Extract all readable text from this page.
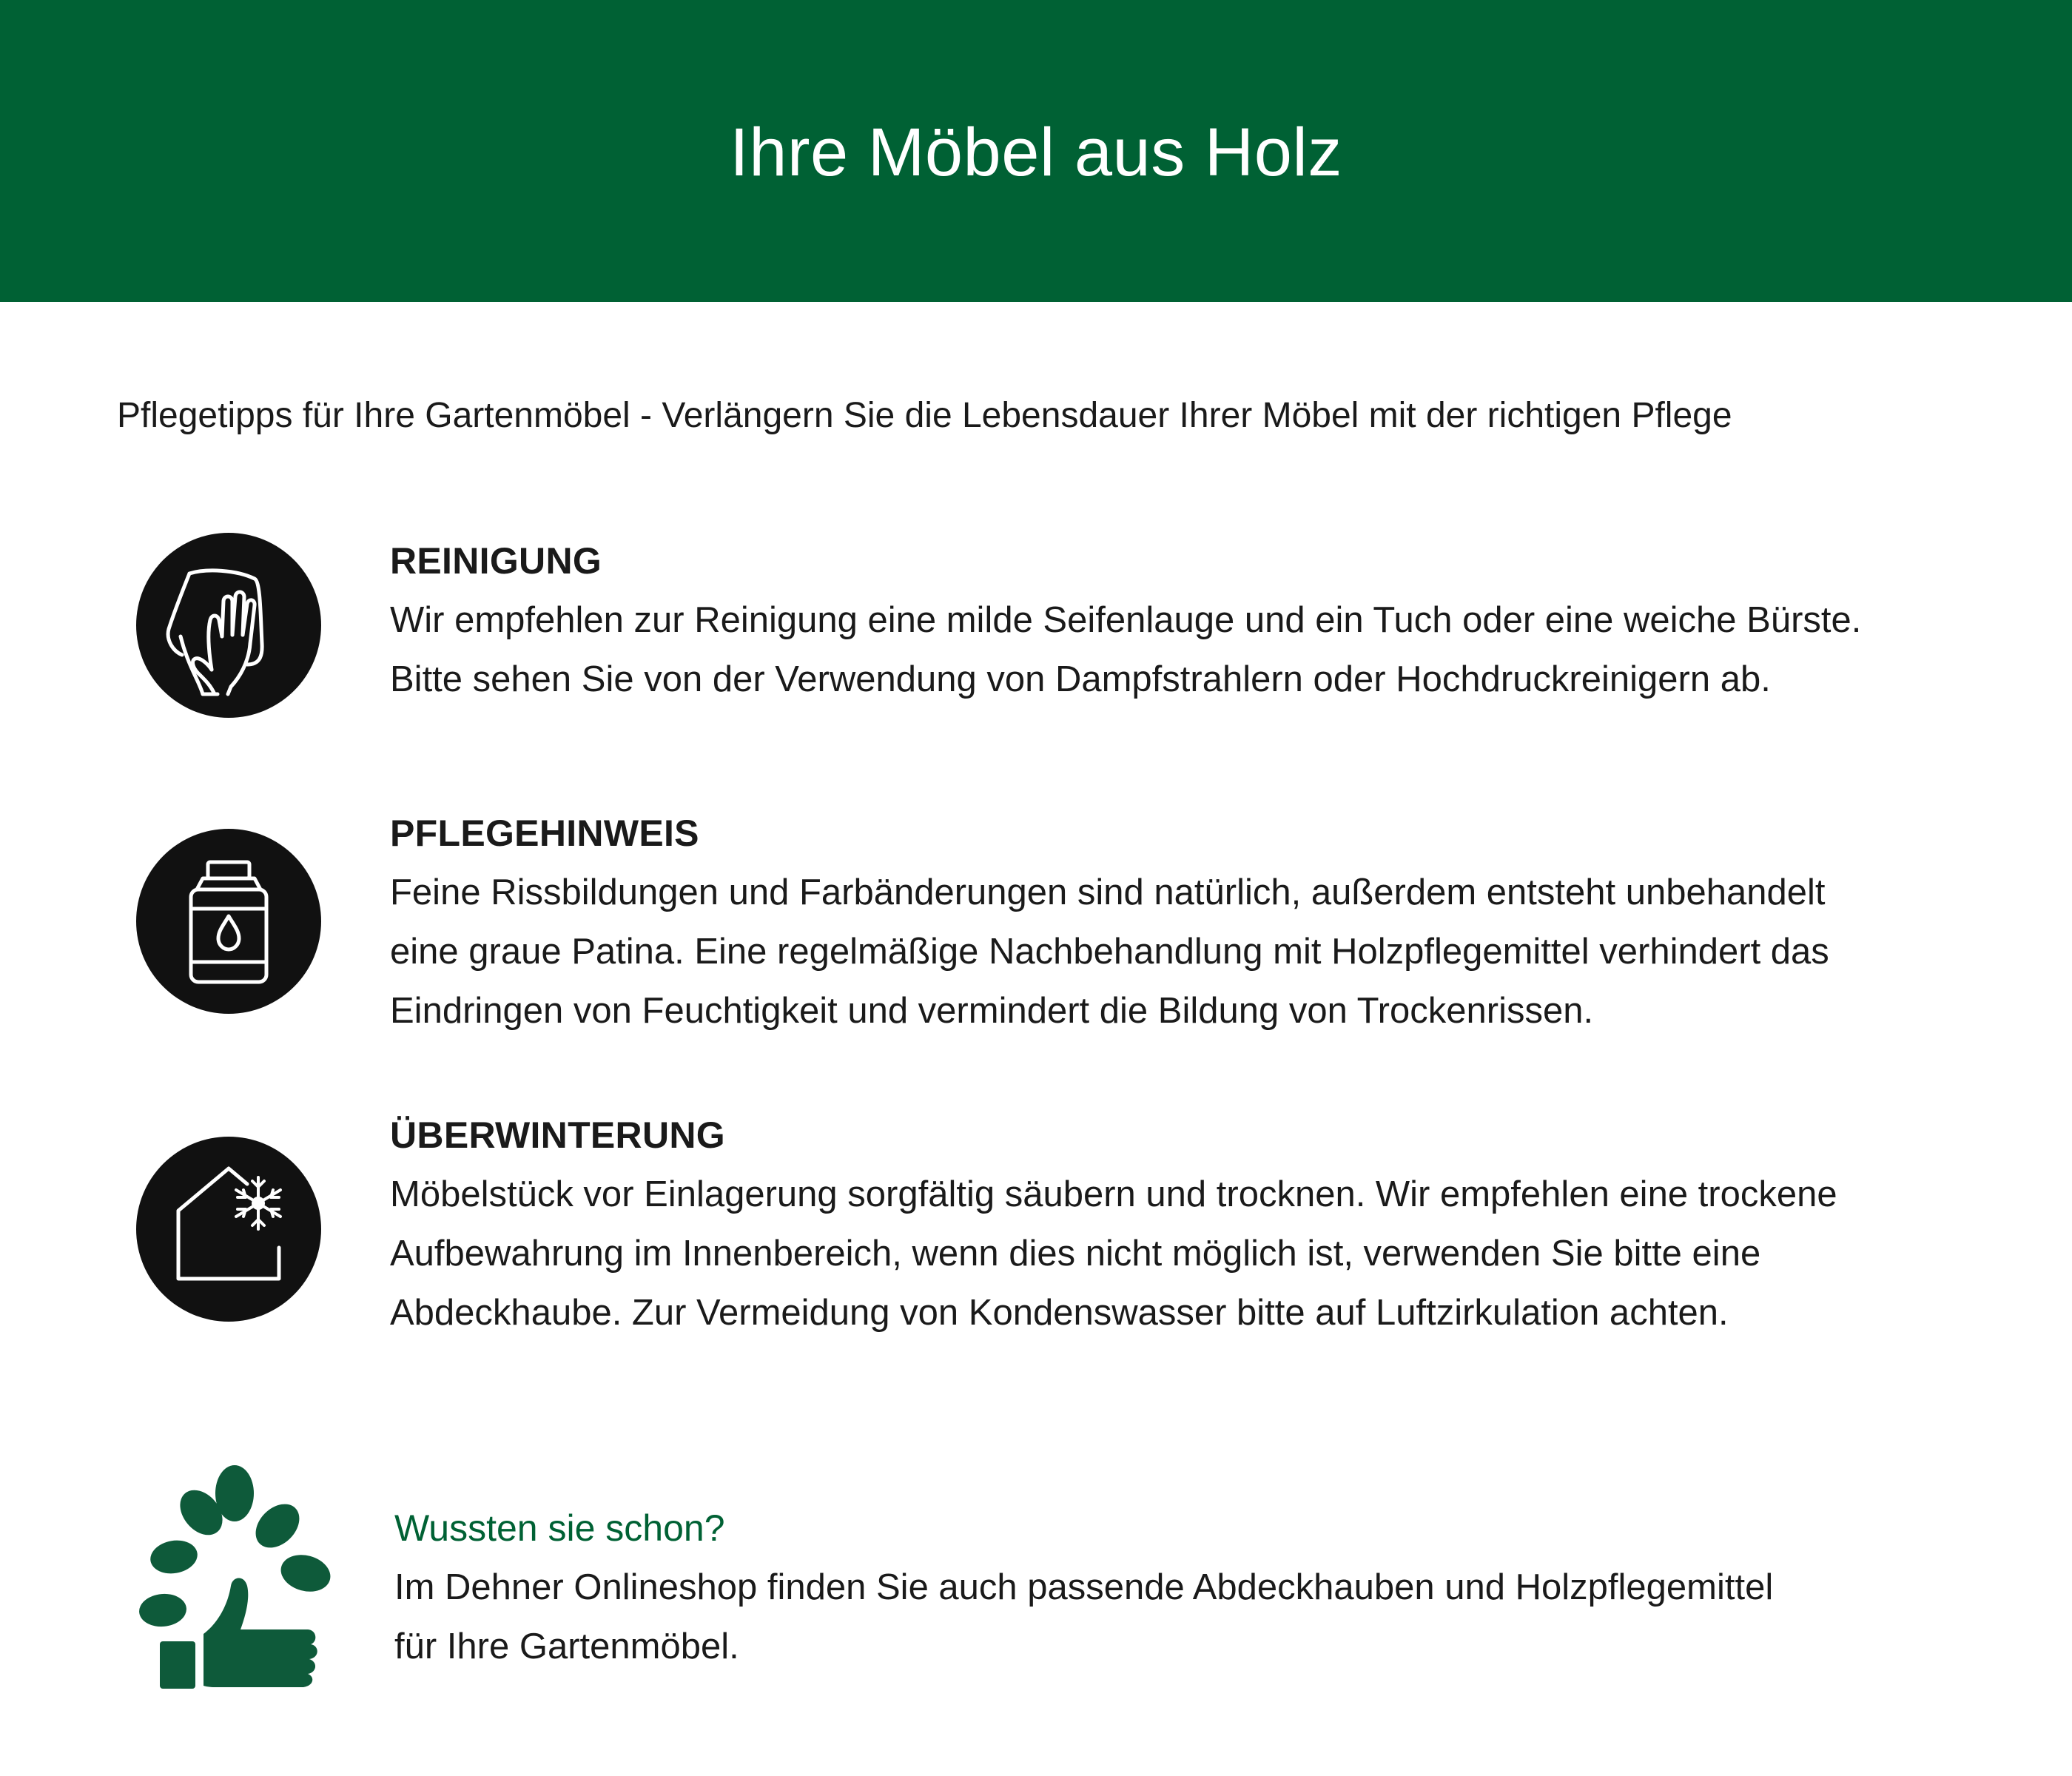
Ihre Möbel aus Holz

Pflegetipps für Ihre Gartenmöbel - Verlängern Sie die Lebensdauer Ihrer Möbel mit der richtigen Pflege

REINIGUNG

Wir empfehlen zur Reinigung eine milde Seifenlauge und ein Tuch oder eine weiche Bürste.
Bitte sehen Sie von der Verwendung von Dampfstrahlern oder Hochdruckreinigern ab.

PFLEGEHINWEIS

Feine Rissbildungen und Farbänderungen sind natürlich, außerdem entsteht unbehandelt
eine graue Patina. Eine regelmäßige Nachbehandlung mit Holzpflegemittel verhindert das
Eindringen von Feuchtigkeit und vermindert die Bildung von Trockenrissen.

ÜBERWINTERUNG

Möbelstück vor Einlagerung sorgfältig säubern und trocknen. Wir empfehlen eine trockene
Aufbewahrung im Innenbereich, wenn dies nicht möglich ist, verwenden Sie bitte eine
Abdeckhaube. Zur Vermeidung von Kondenswasser bitte auf Luftzirkulation achten.

Wussten sie schon?

Im Dehner Onlineshop finden Sie auch passende Abdeckhauben und Holzpflegemittel
für Ihre Gartenmöbel.
